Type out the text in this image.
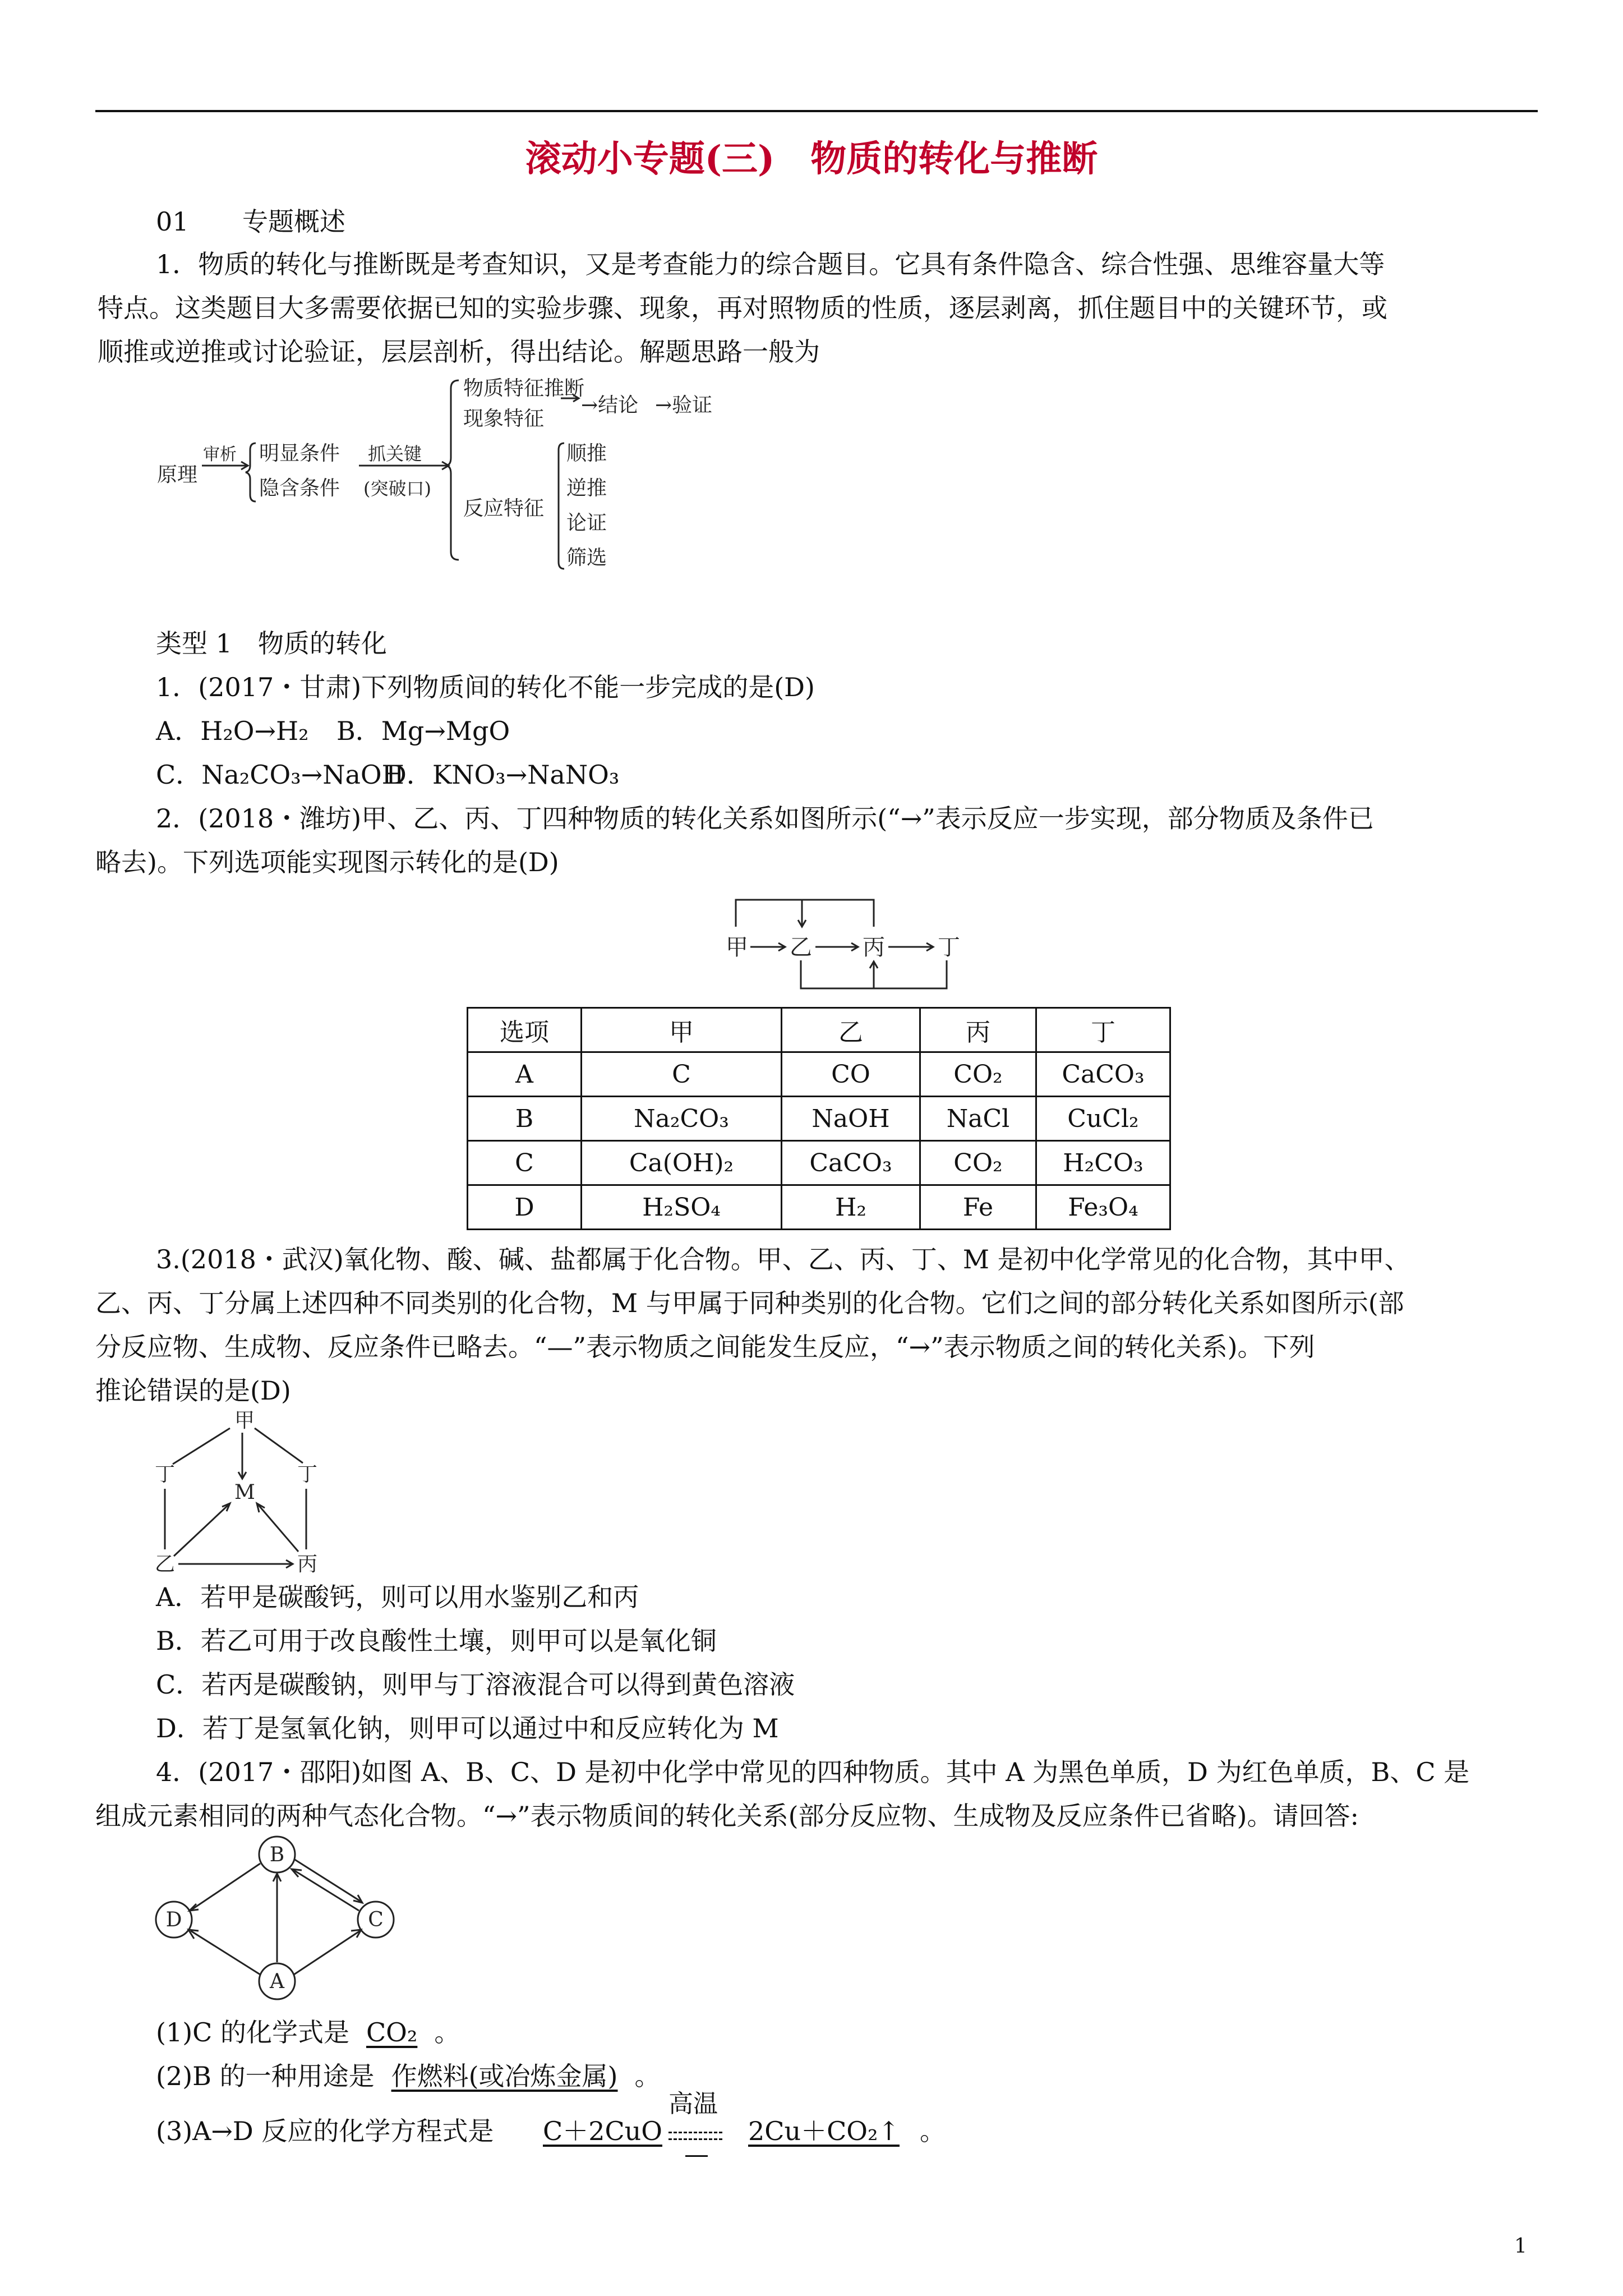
滚动小专题(三)　物质的转化与推断
01 专题概述
1．物质的转化与推断既是考查知识，又是考查能力的综合题目。它具有条件隐含、综合性强、思维容量大等
特点。这类题目大多需要依据已知的实验步骤、现象，再对照物质的性质，逐层剥离，抓住题目中的关键环节，或
顺推或逆推或讨论验证，层层剖析，得出结论。解题思路一般为
原理
审析 明显条件
隐含条件
抓关键
(突破口)
物质特征推断
现象特征
→结论 →验证
反应特征
顺推
逆推
论证
筛选
类型 1　物质的转化
1．(2017・甘肃)下列物质间的转化不能一步完成的是(D)
A．H₂O→H₂ B．Mg→MgO
C．Na₂CO₃→NaOH
D．KNO₃→NaNO₃
2．(2018・潍坊)甲、乙、丙、丁四种物质的转化关系如图所示(“→”表示反应一步实现，部分物质及条件已
略去)。下列选项能实现图示转化的是(D)
甲 乙 丙 丁
选项	甲	乙	丙	丁
A	C	CO	CO₂	CaCO₃
B	Na₂CO₃	NaOH	NaCl	CuCl₂
C	Ca(OH)₂	CaCO₃	CO₂	H₂CO₃
D	H₂SO₄	H₂	Fe	Fe₃O₄
3.(2018・武汉)氧化物、酸、碱、盐都属于化合物。甲、乙、丙、丁、M 是初中化学常见的化合物，其中甲、
乙、丙、丁分属上述四种不同类别的化合物，M 与甲属于同种类别的化合物。它们之间的部分转化关系如图所示(部
分反应物、生成物、反应条件已略去。“—”表示物质之间能发生反应，“→”表示物质之间的转化关系)。下列
推论错误的是(D)
甲
丁	丁
M
乙	丙
A．若甲是碳酸钙，则可以用水鉴别乙和丙
B．若乙可用于改良酸性土壤，则甲可以是氧化铜
C．若丙是碳酸钠，则甲与丁溶液混合可以得到黄色溶液
D．若丁是氢氧化钠，则甲可以通过中和反应转化为 M
4．(2017・邵阳)如图 A、B、C、D 是初中化学中常见的四种物质。其中 A 为黑色单质，D 为红色单质，B、C 是
组成元素相同的两种气态化合物。“→”表示物质间的转化关系(部分反应物、生成物及反应条件已省略)。请回答:
B
D	C
A
(1)C 的化学式是 CO₂ 。
(2)B 的一种用途是 作燃料(或冶炼金属) 。
(3)A→D 反应的化学方程式是 C＋2CuO
高温
2Cu＋CO₂↑ 。
1
